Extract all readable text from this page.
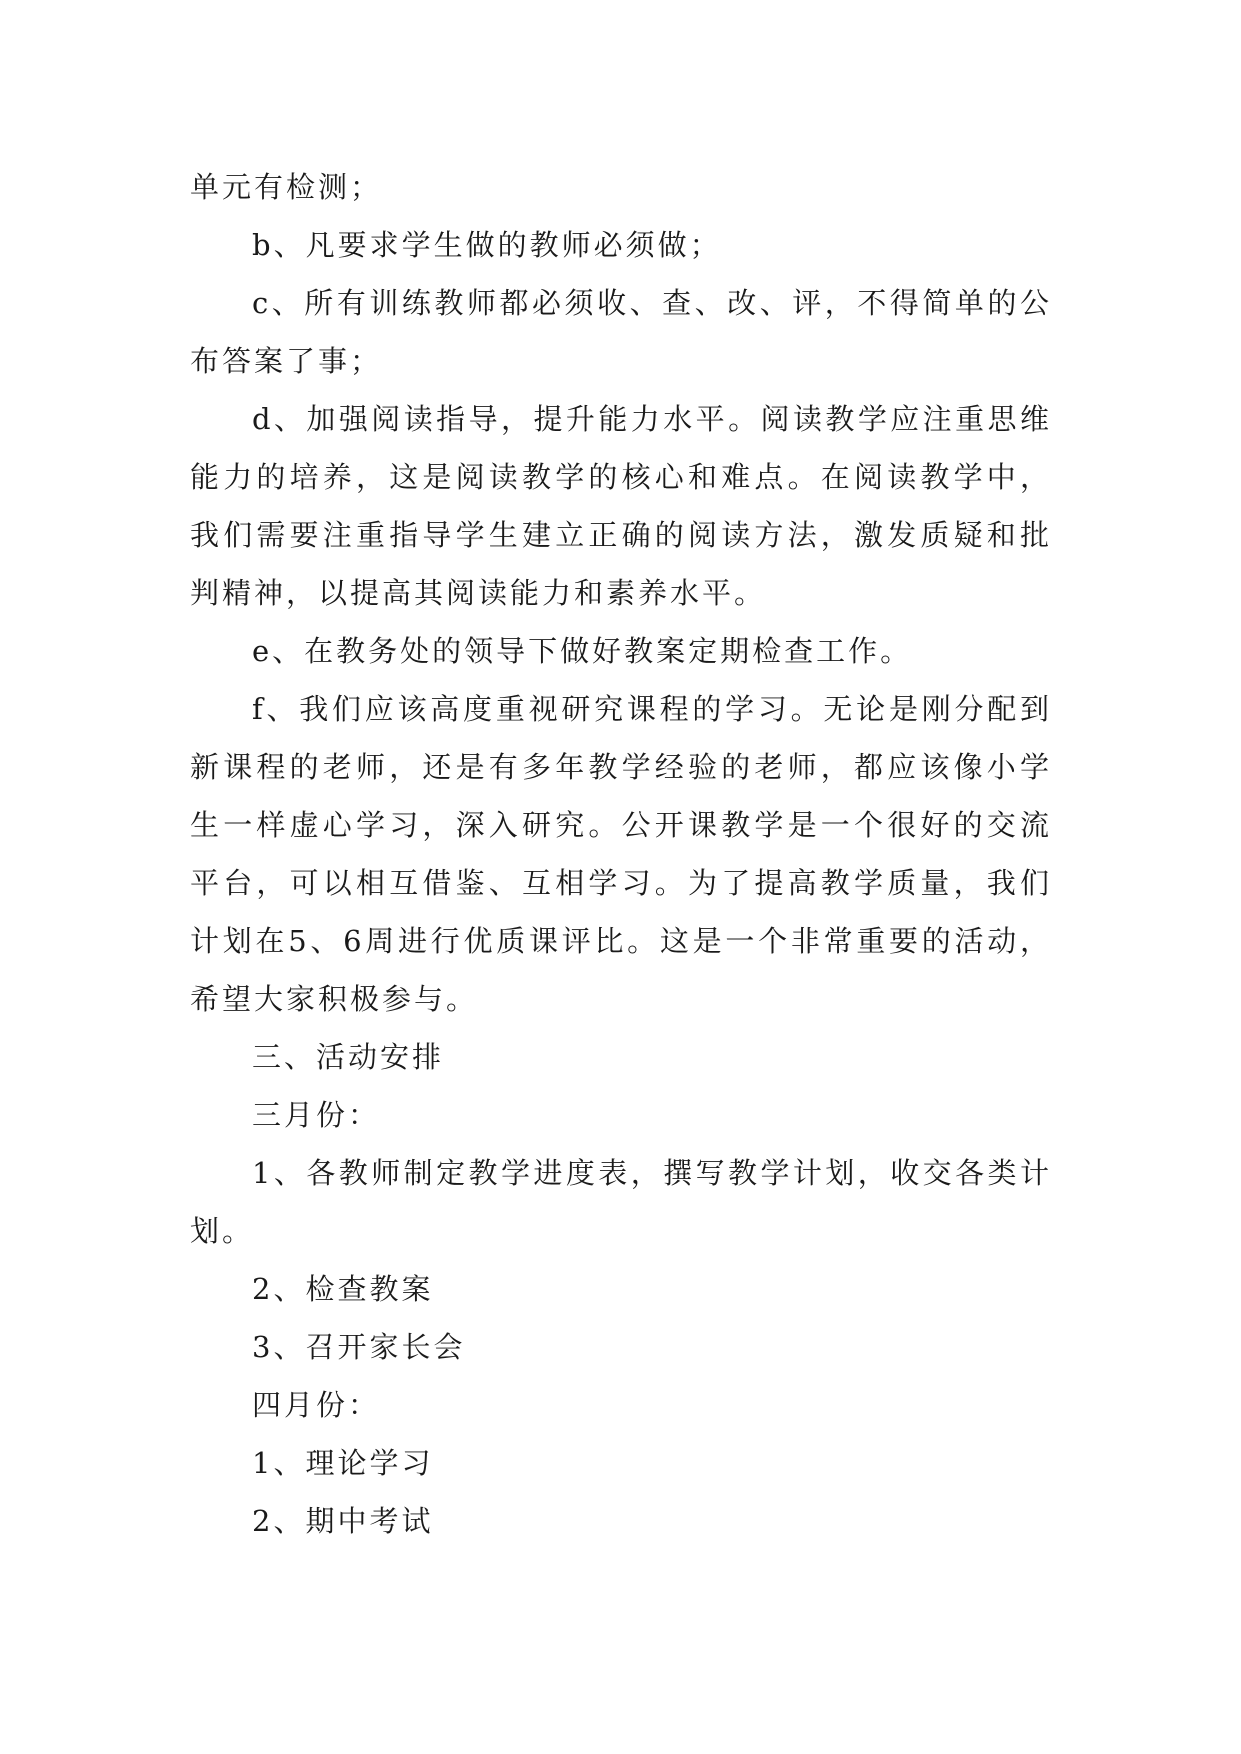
单元有检测；

b、凡要求学生做的教师必须做；

c、所有训练教师都必须收、查、改、评，不得简单的公布答案了事；

d、加强阅读指导，提升能力水平。阅读教学应注重思维能力的培养，这是阅读教学的核心和难点。在阅读教学中，我们需要注重指导学生建立正确的阅读方法，激发质疑和批判精神，以提高其阅读能力和素养水平。

e、在教务处的领导下做好教案定期检查工作。

f、我们应该高度重视研究课程的学习。无论是刚分配到新课程的老师，还是有多年教学经验的老师，都应该像小学生一样虚心学习，深入研究。公开课教学是一个很好的交流平台，可以相互借鉴、互相学习。为了提高教学质量，我们计划在5、6周进行优质课评比。这是一个非常重要的活动，希望大家积极参与。

三、活动安排

三月份：

1、各教师制定教学进度表，撰写教学计划，收交各类计划。

2、检查教案

3、召开家长会

四月份：

1、理论学习

2、期中考试
